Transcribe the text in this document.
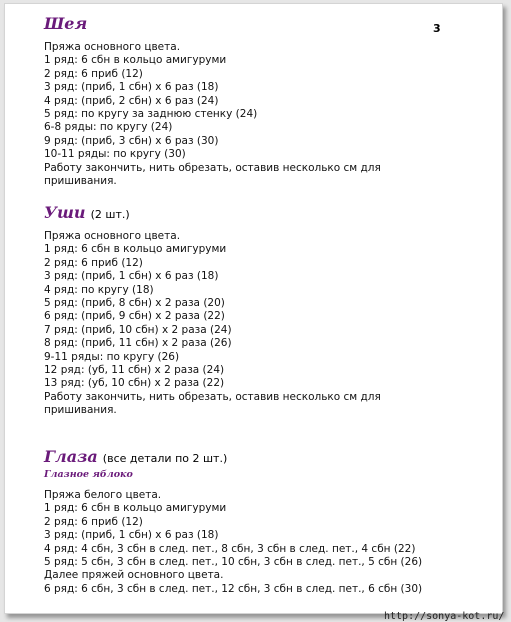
3
Шея
Пряжа основного цвета.
1 ряд: 6 сбн в кольцо амигуруми
2 ряд: 6 приб (12)
3 ряд: (приб, 1 сбн) х 6 раз (18)
4 ряд: (приб, 2 сбн) х 6 раз (24)
5 ряд: по кругу за заднюю стенку (24)
6-8 ряды: по кругу (24)
9 ряд: (приб, 3 сбн) х 6 раз (30)
10-11 ряды: по кругу (30)
Работу закончить, нить обрезать, оставив несколько см для
пришивания.
Уши (2 шт.)
Пряжа основного цвета.
1 ряд: 6 сбн в кольцо амигуруми
2 ряд: 6 приб (12)
3 ряд: (приб, 1 сбн) х 6 раз (18)
4 ряд: по кругу (18)
5 ряд: (приб, 8 сбн) х 2 раза (20)
6 ряд: (приб, 9 сбн) х 2 раза (22)
7 ряд: (приб, 10 сбн) х 2 раза (24)
8 ряд: (приб, 11 сбн) х 2 раза (26)
9-11 ряды: по кругу (26)
12 ряд: (уб, 11 сбн) х 2 раза (24)
13 ряд: (уб, 10 сбн) х 2 раза (22)
Работу закончить, нить обрезать, оставив несколько см для
пришивания.
Глаза (все детали по 2 шт.)
Глазное яблоко
Пряжа белого цвета.
1 ряд: 6 сбн в кольцо амигуруми
2 ряд: 6 приб (12)
3 ряд: (приб, 1 сбн) х 6 раз (18)
4 ряд: 4 сбн, 3 сбн в след. пет., 8 сбн, 3 сбн в след. пет., 4 сбн (22)
5 ряд: 5 сбн, 3 сбн в след. пет., 10 сбн, 3 сбн в след. пет., 5 сбн (26)
Далее пряжей основного цвета.
6 ряд: 6 сбн, 3 сбн в след. пет., 12 сбн, 3 сбн в след. пет., 6 сбн (30)
http://sonya-kot.ru/
